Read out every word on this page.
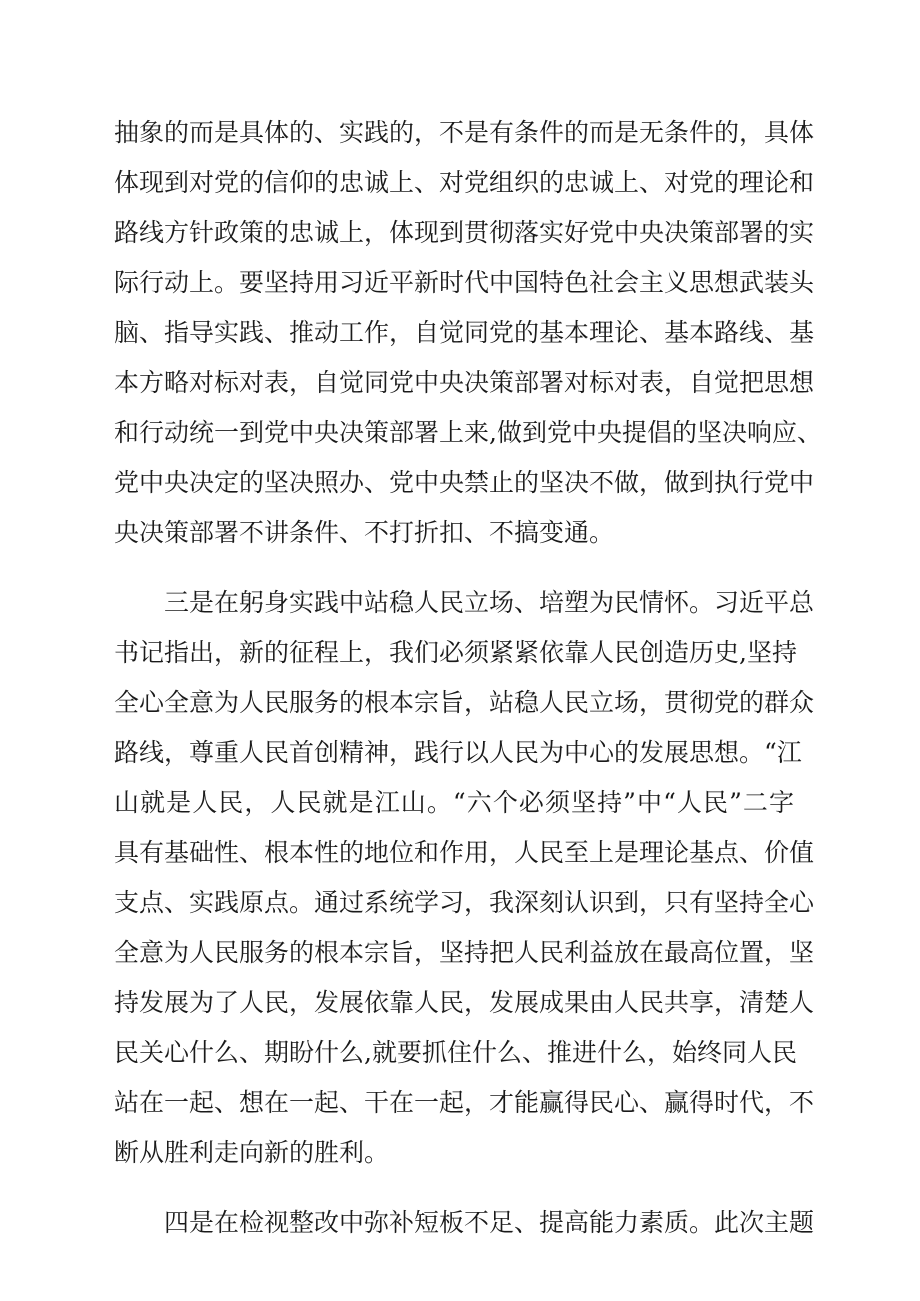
抽象的而是具体的、实践的，不是有条件的而是无条件的，具体
体现到对党的信仰的忠诚上、对党组织的忠诚上、对党的理论和
路线方针政策的忠诚上，体现到贯彻落实好党中央决策部署的实
际行动上。要坚持用习近平新时代中国特色社会主义思想武装头
脑、指导实践、推动工作，自觉同党的基本理论、基本路线、基
本方略对标对表，自觉同党中央决策部署对标对表，自觉把思想
和行动统一到党中央决策部署上来,做到党中央提倡的坚决响应、
党中央决定的坚决照办、党中央禁止的坚决不做，做到执行党中
央决策部署不讲条件、不打折扣、不搞变通。
三是在躬身实践中站稳人民立场、培塑为民情怀。习近平总
书记指出，新的征程上，我们必须紧紧依靠人民创造历史,坚持
全心全意为人民服务的根本宗旨，站稳人民立场，贯彻党的群众
路线，尊重人民首创精神，践行以人民为中心的发展思想。“江
山就是人民，人民就是江山。“六个必须坚持”中“人民”二字
具有基础性、根本性的地位和作用，人民至上是理论基点、价值
支点、实践原点。通过系统学习，我深刻认识到，只有坚持全心
全意为人民服务的根本宗旨，坚持把人民利益放在最高位置，坚
持发展为了人民，发展依靠人民，发展成果由人民共享，清楚人
民关心什么、期盼什么,就要抓住什么、推进什么，始终同人民
站在一起、想在一起、干在一起，才能赢得民心、赢得时代，不
断从胜利走向新的胜利。
四是在检视整改中弥补短板不足、提高能力素质。此次主题
